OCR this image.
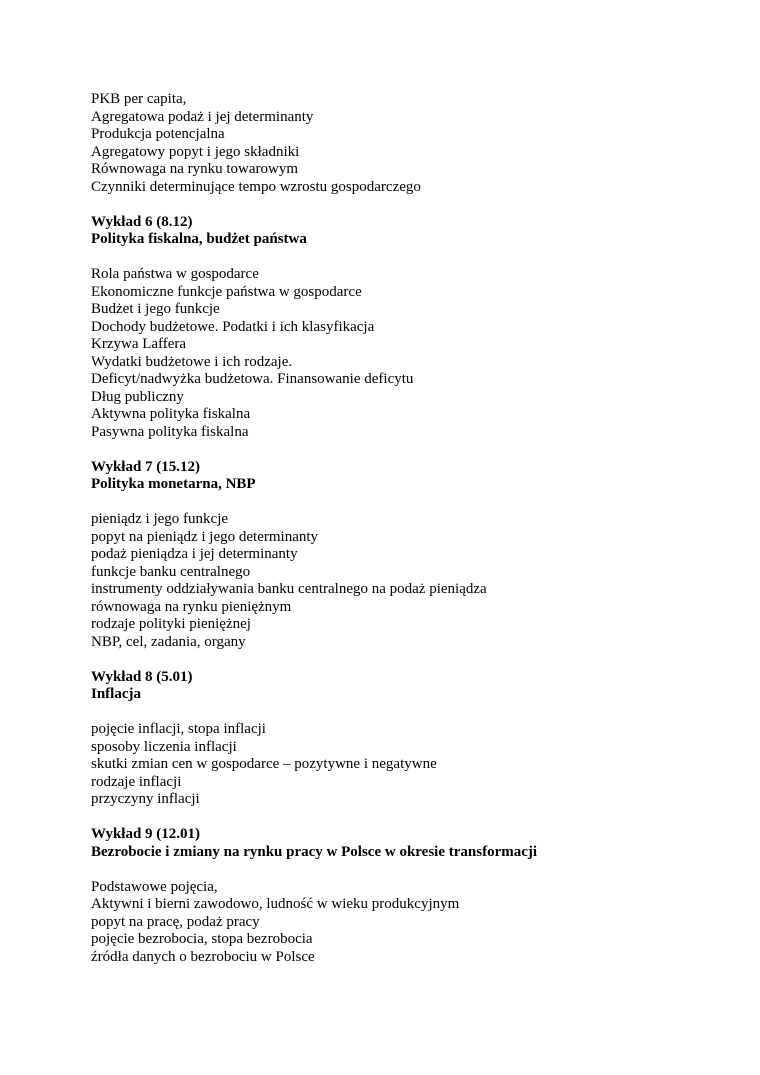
PKB per capita,
Agregatowa podaż i jej determinanty
Produkcja potencjalna
Agregatowy popyt i jego składniki
Równowaga na rynku towarowym
Czynniki determinujące tempo wzrostu gospodarczego
Wykład 6 (8.12)
Polityka fiskalna, budżet państwa
Rola państwa w gospodarce
Ekonomiczne funkcje państwa w gospodarce
Budżet i jego funkcje
Dochody budżetowe. Podatki i ich klasyfikacja
Krzywa Laffera
Wydatki budżetowe i ich rodzaje.
Deficyt/nadwyżka budżetowa. Finansowanie deficytu
Dług publiczny
Aktywna polityka fiskalna
Pasywna polityka fiskalna
Wykład 7 (15.12)
Polityka monetarna, NBP
pieniądz i jego funkcje
popyt na pieniądz i jego determinanty
podaż pieniądza i jej determinanty
funkcje banku centralnego
instrumenty oddziaływania banku centralnego na podaż pieniądza
równowaga na rynku pieniężnym
rodzaje polityki pieniężnej
NBP, cel, zadania, organy
Wykład 8 (5.01)
Inflacja
pojęcie inflacji, stopa inflacji
sposoby liczenia inflacji
skutki zmian cen w gospodarce – pozytywne i negatywne
rodzaje inflacji
przyczyny inflacji
Wykład 9 (12.01)
Bezrobocie i zmiany na rynku pracy w Polsce w okresie transformacji
Podstawowe pojęcia,
Aktywni i bierni zawodowo, ludność w wieku produkcyjnym
popyt na pracę, podaż pracy
pojęcie bezrobocia, stopa bezrobocia
źródła danych o bezrobociu w Polsce
